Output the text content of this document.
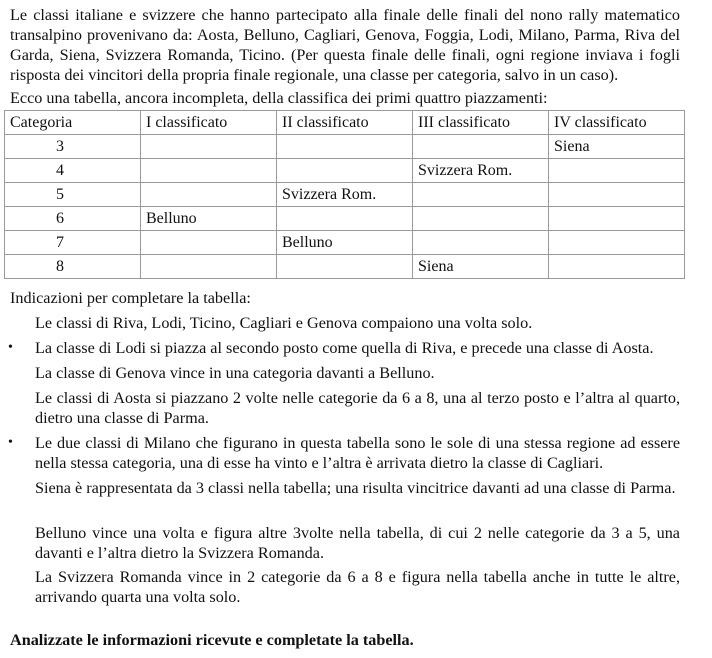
Le classi italiane e svizzere che hanno partecipato alla finale delle finali del nono rally matematico transalpino provenivano da: Aosta, Belluno, Cagliari, Genova, Foggia, Lodi, Milano, Parma, Riva del Garda, Siena, Svizzera Romanda, Ticino. (Per questa finale delle finali, ogni regione inviava i fogli risposta dei vincitori della propria finale regionale, una classe per categoria, salvo in un caso).

Ecco una tabella, ancora incompleta, della classifica dei primi quattro piazzamenti:

Categoria	I classificato	II classificato	III classificato	IV classificato
3				Siena
4			Svizzera Rom.	
5		Svizzera Rom.		
6	Belluno			
7		Belluno		
8			Siena	

Indicazioni per completare la tabella:

Le classi di Riva, Lodi, Ticino, Cagliari e Genova compaiono una volta solo.

•	La classe di Lodi si piazza al secondo posto come quella di Riva, e precede una classe di Aosta.

La classe di Genova vince in una categoria davanti a Belluno.

Le classi di Aosta si piazzano 2 volte nelle categorie da 6 a 8, una al terzo posto e l’altra al quarto, dietro una classe di Parma.

•	Le due classi di Milano che figurano in questa tabella sono le sole di una stessa regione ad essere nella stessa categoria, una di esse ha vinto e l’altra è arrivata dietro la classe di Cagliari.

Siena è rappresentata da 3 classi nella tabella; una risulta vincitrice davanti ad una classe di Parma.

Belluno vince una volta e figura altre 3volte nella tabella, di cui 2 nelle categorie da 3 a 5, una davanti e l’altra dietro la Svizzera Romanda.

La Svizzera Romanda vince in 2 categorie da 6 a 8 e figura nella tabella anche in tutte le altre, arrivando quarta una volta solo.

Analizzate le informazioni ricevute e completate la tabella.
